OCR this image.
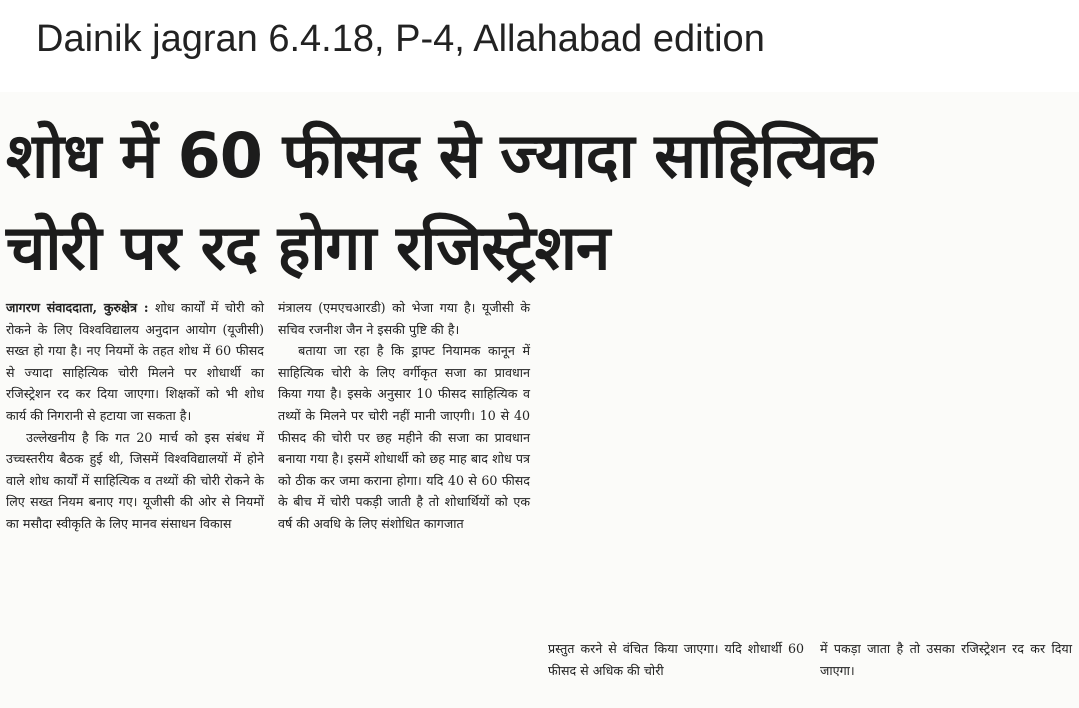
Dainik jagran 6.4.18, P-4, Allahabad edition
शोध में 60 फीसद से ज्यादा साहित्यिक
चोरी पर रद होगा रजिस्ट्रेशन

जागरण संवाददाता, कुरुक्षेत्र : शोध कार्यों में चोरी को रोकने के लिए विश्वविद्यालय अनुदान आयोग (यूजीसी) सख्त हो गया है। नए नियमों के तहत शोध में 60 फीसद से ज्यादा साहित्यिक चोरी मिलने पर शोधार्थी का रजिस्ट्रेशन रद कर दिया जाएगा। शिक्षकों को भी शोध कार्य की निगरानी से हटाया जा सकता है।

उल्लेखनीय है कि गत 20 मार्च को इस संबंध में उच्चस्तरीय बैठक हुई थी, जिसमें विश्वविद्यालयों में होने वाले शोध कार्यों में साहित्यिक व तथ्यों की चोरी रोकने के लिए सख्त नियम बनाए गए। यूजीसी की ओर से नियमों का मसौदा स्वीकृति के लिए मानव संसाधन विकास

मंत्रालय (एमएचआरडी) को भेजा गया है। यूजीसी के सचिव रजनीश जैन ने इसकी पुष्टि की है।

बताया जा रहा है कि ड्राफ्ट नियामक कानून में साहित्यिक चोरी के लिए वर्गीकृत सजा का प्रावधान किया गया है। इसके अनुसार 10 फीसद साहित्यिक व तथ्यों के मिलने पर चोरी नहीं मानी जाएगी। 10 से 40 फीसद की चोरी पर छह महीने की सजा का प्रावधान बनाया गया है। इसमें शोधार्थी को छह माह बाद शोध पत्र को ठीक कर जमा कराना होगा। यदि 40 से 60 फीसद के बीच में चोरी पकड़ी जाती है तो शोधार्थियों को एक वर्ष की अवधि के लिए संशोधित कागजात

प्रस्तुत करने से वंचित किया जाएगा। यदि शोधार्थी 60 फीसद से अधिक की चोरी

में पकड़ा जाता है तो उसका रजिस्ट्रेशन रद कर दिया जाएगा।
